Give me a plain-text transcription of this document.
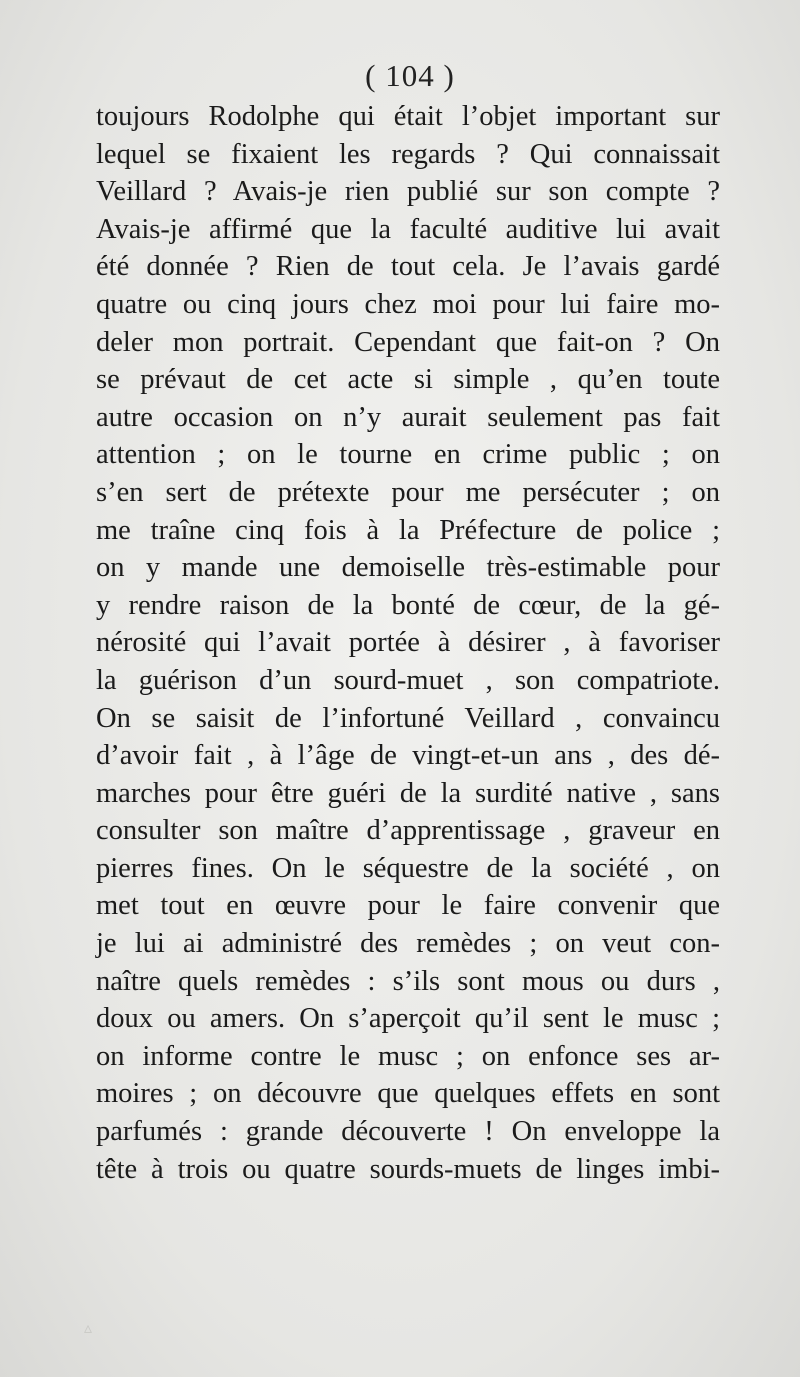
( 104 )
toujours Rodolphe qui était l’objet important sur
lequel se fixaient les regards ? Qui connaissait
Veillard ? Avais-je rien publié sur son compte ?
Avais-je affirmé que la faculté auditive lui avait
été donnée ? Rien de tout cela. Je l’avais gardé
quatre ou cinq jours chez moi pour lui faire mo-
deler mon portrait. Cependant que fait-on ? On
se prévaut de cet acte si simple , qu’en toute
autre occasion on n’y aurait seulement pas fait
attention ; on le tourne en crime public ; on
s’en sert de prétexte pour me persécuter ; on
me traîne cinq fois à la Préfecture de police ;
on y mande une demoiselle très-estimable pour
y rendre raison de la bonté de cœur, de la gé-
nérosité qui l’avait portée à désirer , à favoriser
la guérison d’un sourd-muet , son compatriote.
On se saisit de l’infortuné Veillard , convaincu
d’avoir fait , à l’âge de vingt-et-un ans , des dé-
marches pour être guéri de la surdité native , sans
consulter son maître d’apprentissage , graveur en
pierres fines. On le séquestre de la société , on
met tout en œuvre pour le faire convenir que
je lui ai administré des remèdes ; on veut con-
naître quels remèdes : s’ils sont mous ou durs ,
doux ou amers. On s’aperçoit qu’il sent le musc ;
on informe contre le musc ; on enfonce ses ar-
moires ; on découvre que quelques effets en sont
parfumés : grande découverte ! On enveloppe la
tête à trois ou quatre sourds-muets de linges imbi-
▵
